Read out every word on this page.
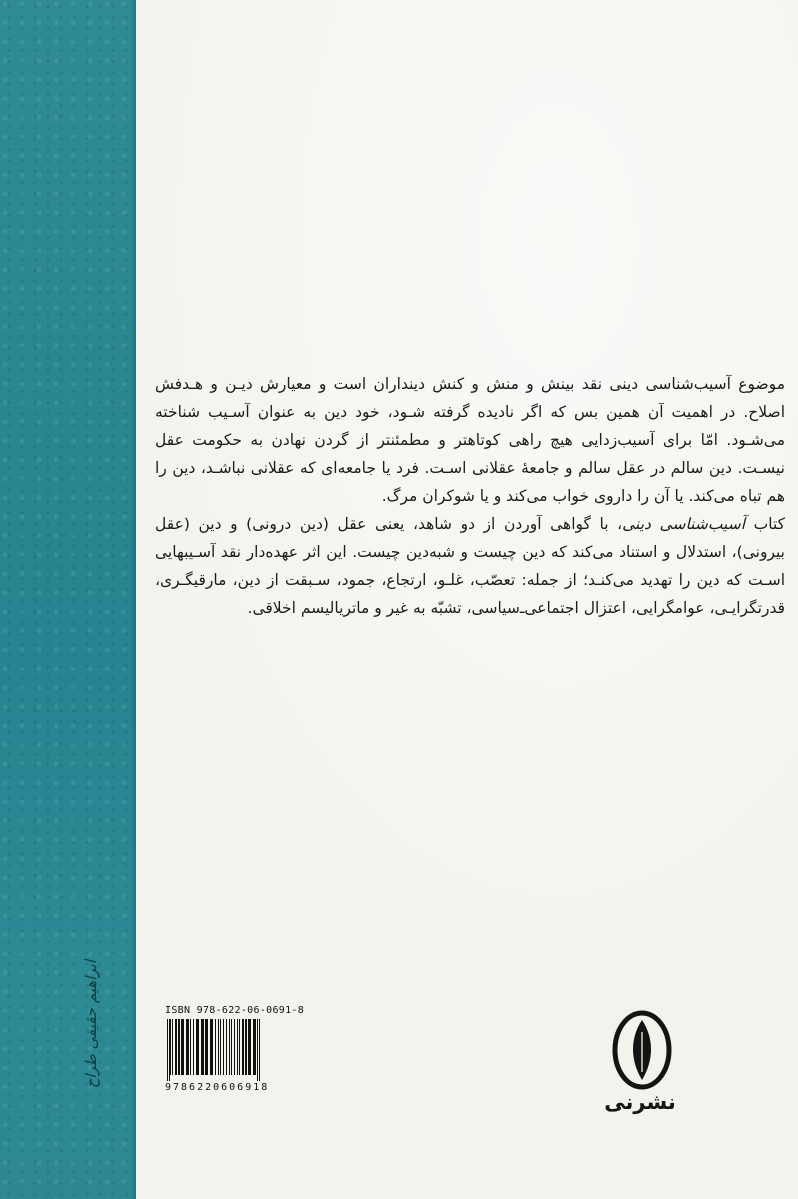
ابراهیم حقیقی طراح

موضوع آسیب‌شناسی دینی نقد بینش و منش و کنش دینداران است و معیارش دیـن و هـدفش اصلاح. در اهمیت آن همین بس که اگر نادیده گرفته شـود، خود دین به عنوان آسـیب شناخته می‌شـود. امّا برای آسیب‌زدایی هیچ راهی کوتاهتر و مطمئنتر از گردن نهادن به حکومت عقل نیسـت. دین سالم در عقل سالم و جامعهٔ عقلانی اسـت. فرد یا جامعه‌ای که عقلانی نباشـد، دین را هم تباه می‌کند. یا آن را داروی خواب می‌کند و یا شوکران مرگ.

کتاب آسیب‌شناسی دینی، با گواهی آوردن از دو شاهد، یعنی عقل (دین درونی) و دین (عقل بیرونی)، استدلال و استناد می‌کند که دین چیست و شبه‌دین چیست. این اثر عهده‌دار نقد آسـیبهایی اسـت که دین را تهدید می‌کنـد؛ از جمله: تعصّب، غلـو، ارتجاع، جمود، سـبقت از دین، مارقیگـری، قدرتگرایـی، عوامگرایی، اعتزال اجتماعی‌ـ‌سیاسی، تشبّه به غیر و ماتریالیسم اخلاقی.

ISBN 978-622-06-0691-8
9786220606918
نشرنی
